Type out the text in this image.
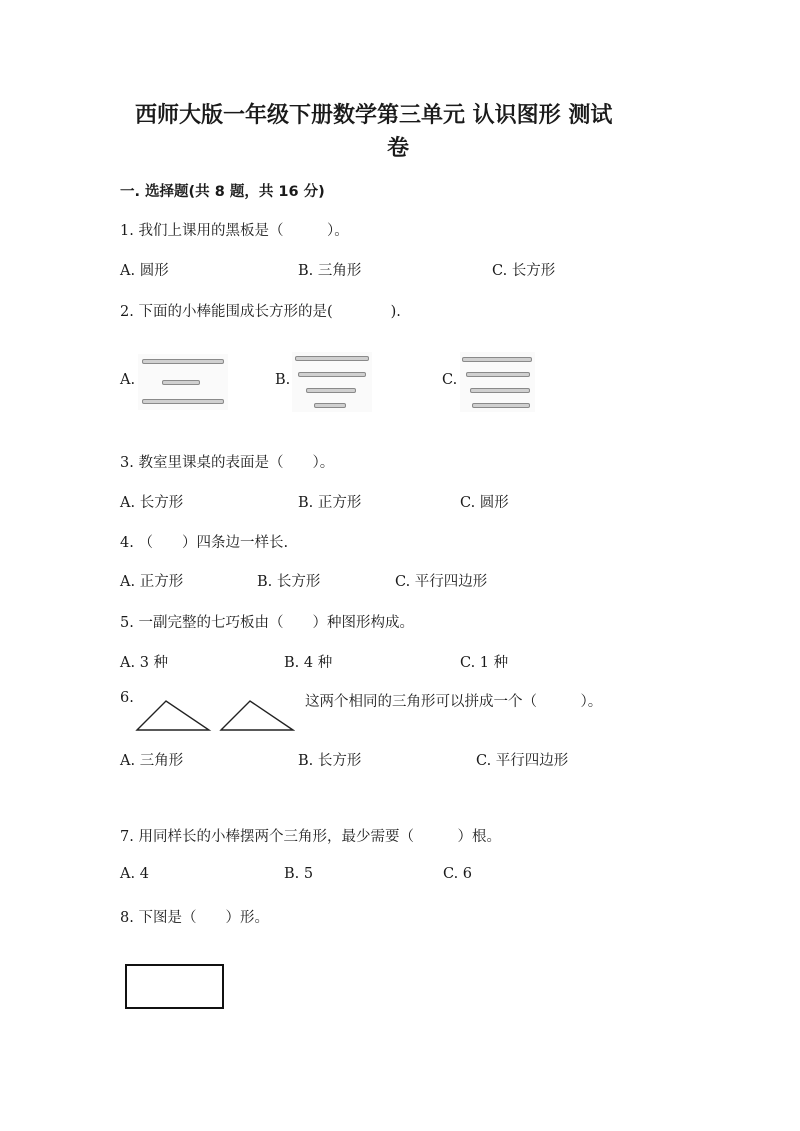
西师大版一年级下册数学第三单元 认识图形 测试
卷
一. 选择题(共 8 题，共 16 分)
1. 我们上课用的黑板是（　　　）。
A. 圆形	B. 三角形	C. 长方形
2. 下面的小棒能围成长方形的是(　　　　).
A.	B.	C.
3. 教室里课桌的表面是（　　）。
A. 长方形	B. 正方形	C. 圆形
4. （　　）四条边一样长.
A. 正方形	B. 长方形	C. 平行四边形
5. 一副完整的七巧板由（　　）种图形构成。
A. 3 种	B. 4 种	C. 1 种
6.	这两个相同的三角形可以拼成一个（　　　）。
A. 三角形	B. 长方形	C. 平行四边形
7. 用同样长的小棒摆两个三角形，最少需要（　　　）根。
A. 4	B. 5	C. 6
8. 下图是（　　）形。
